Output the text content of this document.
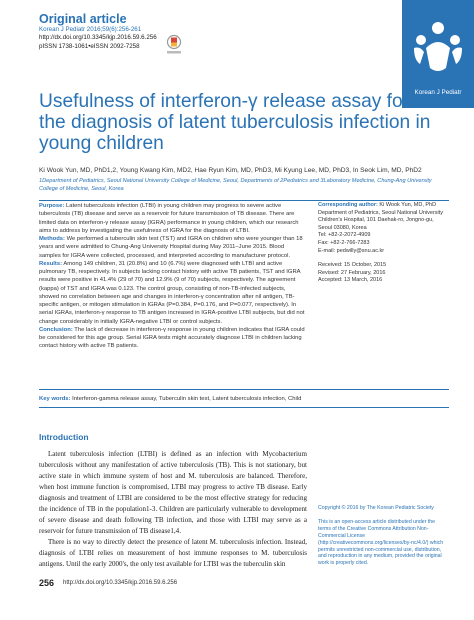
Original article
Korean J Pediatr 2016;59(6):256-261
http://dx.doi.org/10.3345/kjp.2016.59.6.256
pISSN 1738-1061•eISSN 2092-7258
Korean J Pediatr
Usefulness of interferon-γ release assay for the diagnosis of latent tuberculosis infection in young children
Ki Wook Yun, MD, PhD1,2, Young Kwang Kim, MD2, Hae Ryun Kim, MD, PhD3, Mi Kyung Lee, MD, PhD3, In Seok Lim, MD, PhD2
1Department of Pediatrics, Seoul National University College of Medicine, Seoul, Departments of 2Pediatrics and 3Laboratory Medicine, Chung-Ang University College of Medicine, Seoul, Korea

Purpose: Latent tuberculosis infection (LTBI) in young children may progress to severe active tuberculosis (TB) disease and serve as a reservoir for future transmission of TB disease. There are limited data on interferon-γ release assay (IGRA) performance in young children, which our research aims to address by investigating the usefulness of IGRA for the diagnosis of LTBI.

Methods: We performed a tuberculin skin test (TST) and IGRA on children who were younger than 18 years and were admitted to Chung-Ang University Hospital during May 2011–June 2015. Blood samples for IGRA were collected, processed, and interpreted according to manufacturer protocol.

Results: Among 149 children, 31 (20.8%) and 10 (6.7%) were diagnosed with LTBI and active pulmonary TB, respectively. In subjects lacking contact history with active TB patients, TST and IGRA results were positive in 41.4% (29 of 70) and 12.9% (9 of 70) subjects, respectively. The agreement (kappa) of TST and IGRA was 0.123. The control group, consisting of non-TB-infected subjects, showed no correlation between age and changes in interferon-γ concentration after nil antigen, TB-specific antigen, or mitogen stimulation in IGRAs (P=0.384, P=0.176, and P=0.077, respectively). In serial IGRAs, interferon-γ response to TB antigen increased in IGRA-positive LTBI subjects, but did not change considerably in initially IGRA-negative LTBI or control subjects.

Conclusion: The lack of decrease in interferon-γ response in young children indicates that IGRA could be considered for this age group. Serial IGRA tests might accurately diagnose LTBI in children lacking contact history with active TB patients.

Corresponding author: Ki Wook Yun, MD, PhD
Department of Pediatrics, Seoul National University
Children's Hospital, 101 Daehak-ro, Jongno-gu,
Seoul 03080, Korea
Tel: +82-2-2072-4909
Fax: +82-2-766-7283
E-mail: pedwilly@snu.ac.kr
Received: 15 October, 2015
Revised: 27 February, 2016
Accepted: 13 March, 2016
Key words: Interferon-gamma release assay, Tuberculin skin test, Latent tuberculosis infection, Child
Introduction

Latent tuberculosis infection (LTBI) is defined as an infection with Mycobacterium tuberculosis without any manifestation of active tuberculosis (TB). This is not stationary, but active state in which immune system of host and M. tuberculosis are balanced. Therefore, when host immune function is compromised, LTBI may progress to active TB disease. Early diagnosis and treatment of LTBI are considered to be the most effective strategy for reducing the incidence of TB in the population1-3. Children are particularly vulnerable to development of severe disease and death following TB infection, and those with LTBI may serve as a reservoir for future transmission of TB disease1,4.

There is no way to directly detect the presence of latent M. tuberculosis infection. Instead, diagnosis of LTBI relies on measurement of host immune responses to M. tuberculosis antigens. Until the early 2000's, the only test available for LTBI was the tuberculin skin

Copyright © 2016 by The Korean Pediatric Society
This is an open-access article distributed under the terms of the Creative Commons Attribution Non-Commercial License (http://creativecommons.org/licenses/by-nc/4.0/) which permits unrestricted non-commercial use, distribution, and reproduction in any medium, provided the original work is properly cited.
256 http://dx.doi.org/10.3345/kjp.2016.59.6.256
